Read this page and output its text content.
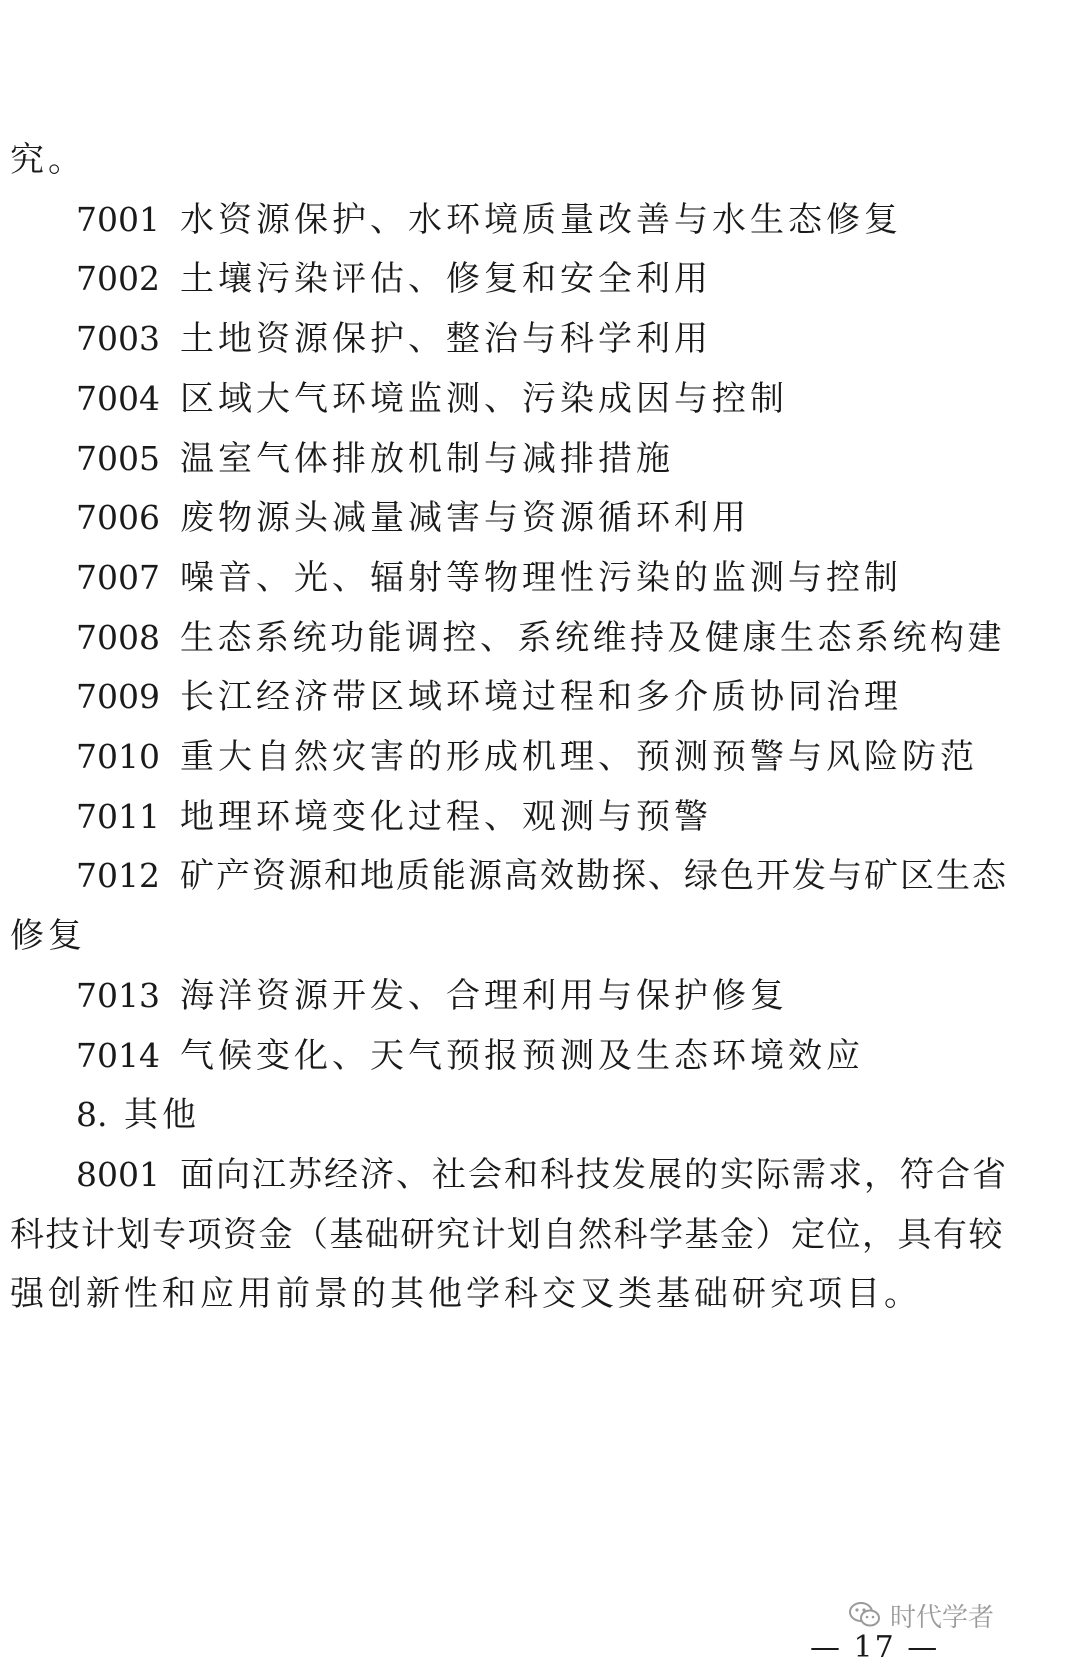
究。
7001 水资源保护、水环境质量改善与水生态修复
7002 土壤污染评估、修复和安全利用
7003 土地资源保护、整治与科学利用
7004 区域大气环境监测、污染成因与控制
7005 温室气体排放机制与减排措施
7006 废物源头减量减害与资源循环利用
7007 噪音、光、辐射等物理性污染的监测与控制
7008 生态系统功能调控、系统维持及健康生态系统构建
7009 长江经济带区域环境过程和多介质协同治理
7010 重大自然灾害的形成机理、预测预警与风险防范
7011 地理环境变化过程、观测与预警
7012 矿产资源和地质能源高效勘探、绿色开发与矿区生态
修复
7013 海洋资源开发、合理利用与保护修复
7014 气候变化、天气预报预测及生态环境效应
8. 其他
8001 面向江苏经济、社会和科技发展的实际需求，符合省
科技计划专项资金（基础研究计划自然科学基金）定位，具有较
强创新性和应用前景的其他学科交叉类基础研究项目。
时代学者
— 17 —
